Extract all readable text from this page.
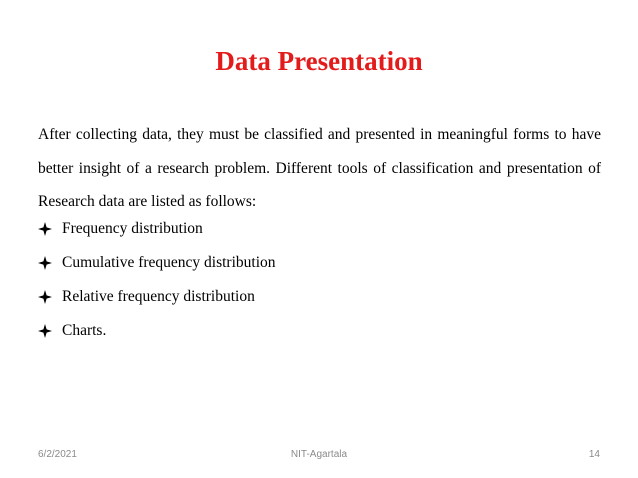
Data Presentation
After collecting data, they must be classified and presented in meaningful forms to have better insight of a research problem. Different tools of classification and presentation of Research data are listed as follows:
Frequency distribution
Cumulative frequency distribution
Relative frequency distribution
Charts.
6/2/2021	NIT-Agartala	14
